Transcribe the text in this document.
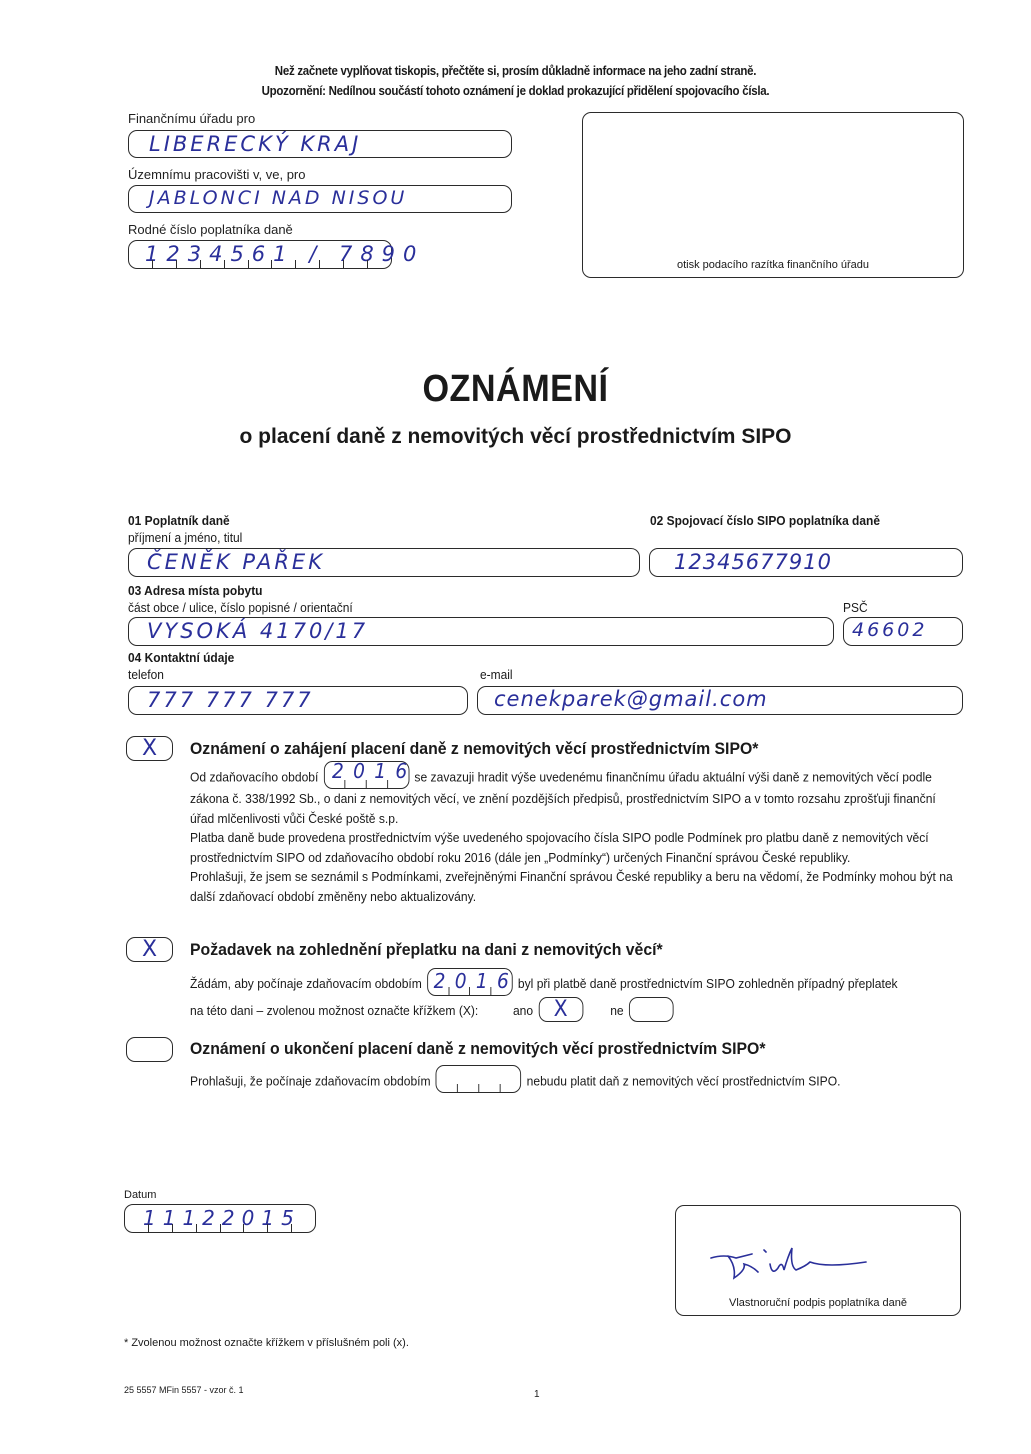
Než začnete vyplňovat tiskopis, přečtěte si, prosím důkladně informace na jeho zadní straně.
Upozornění: Nedílnou součástí tohoto oznámení je doklad prokazující přidělení spojovacího čísla.
Finančnímu úřadu pro
LIBERECKÝ KRAJ
Územnímu pracovišti v, ve, pro
JABLONCI NAD NISOU
Rodné číslo poplatníka daně
1234561 / 7890	otisk podacího razítka finančního úřadu
OZNÁMENÍ
o placení daně z nemovitých věcí prostřednictvím SIPO
01 Poplatník daně
příjmení a jméno, titul
ČENĚK PAŘEK
02 Spojovací číslo SIPO poplatníka daně
12345677910
03 Adresa místa pobytu
část obce / ulice, číslo popisné / orientační	PSČ
VYSOKÁ 4170/17	46602
04 Kontaktní údaje
telefon	e-mail
777 777 777	cenekparek@gmail.com
X	Oznámení o zahájení placení daně z nemovitých věcí prostřednictvím SIPO*
Od zdaňovacího období 2016
se zavazuji hradit výše uvedenému finančnímu úřadu aktuální výši daně z nemovitých věcí podle zákona č. 338/1992 Sb., o dani z nemovitých věcí, ve znění pozdějších předpisů, prostřednictvím SIPO a v tomto rozsahu zprošťuji finanční úřad mlčenlivosti vůči České poště s.p.
Platba daně bude provedena prostřednictvím výše uvedeného spojovacího čísla SIPO podle Podmínek pro platbu daně z nemovitých věcí prostřednictvím SIPO od zdaňovacího období roku 2016 (dále jen „Podmínky“) určených Finanční správou České republiky.
Prohlašuji, že jsem se seznámil s Podmínkami, zveřejněnými Finanční správou České republiky a beru na vědomí, že Podmínky mohou být na další zdaňovací období změněny nebo aktualizovány.
X	Požadavek na zohlednění přeplatku na dani z nemovitých věcí*
Žádám, aby počínaje zdaňovacím obdobím 2016 byl při platbě daně prostřednictvím SIPO zohledněn případný přeplatek
na této dani – zvolenou možnost označte křížkem (X):	ano X	ne
Oznámení o ukončení placení daně z nemovitých věcí prostřednictvím SIPO*
Prohlašuji, že počínaje zdaňovacím obdobím	nebudu platit daň z nemovitých věcí prostřednictvím SIPO.
Datum
11122015
Vlastnoruční podpis poplatníka daně
* Zvolenou možnost označte křížkem v příslušném poli (x).
25 5557 MFin 5557 - vzor č. 1	1
